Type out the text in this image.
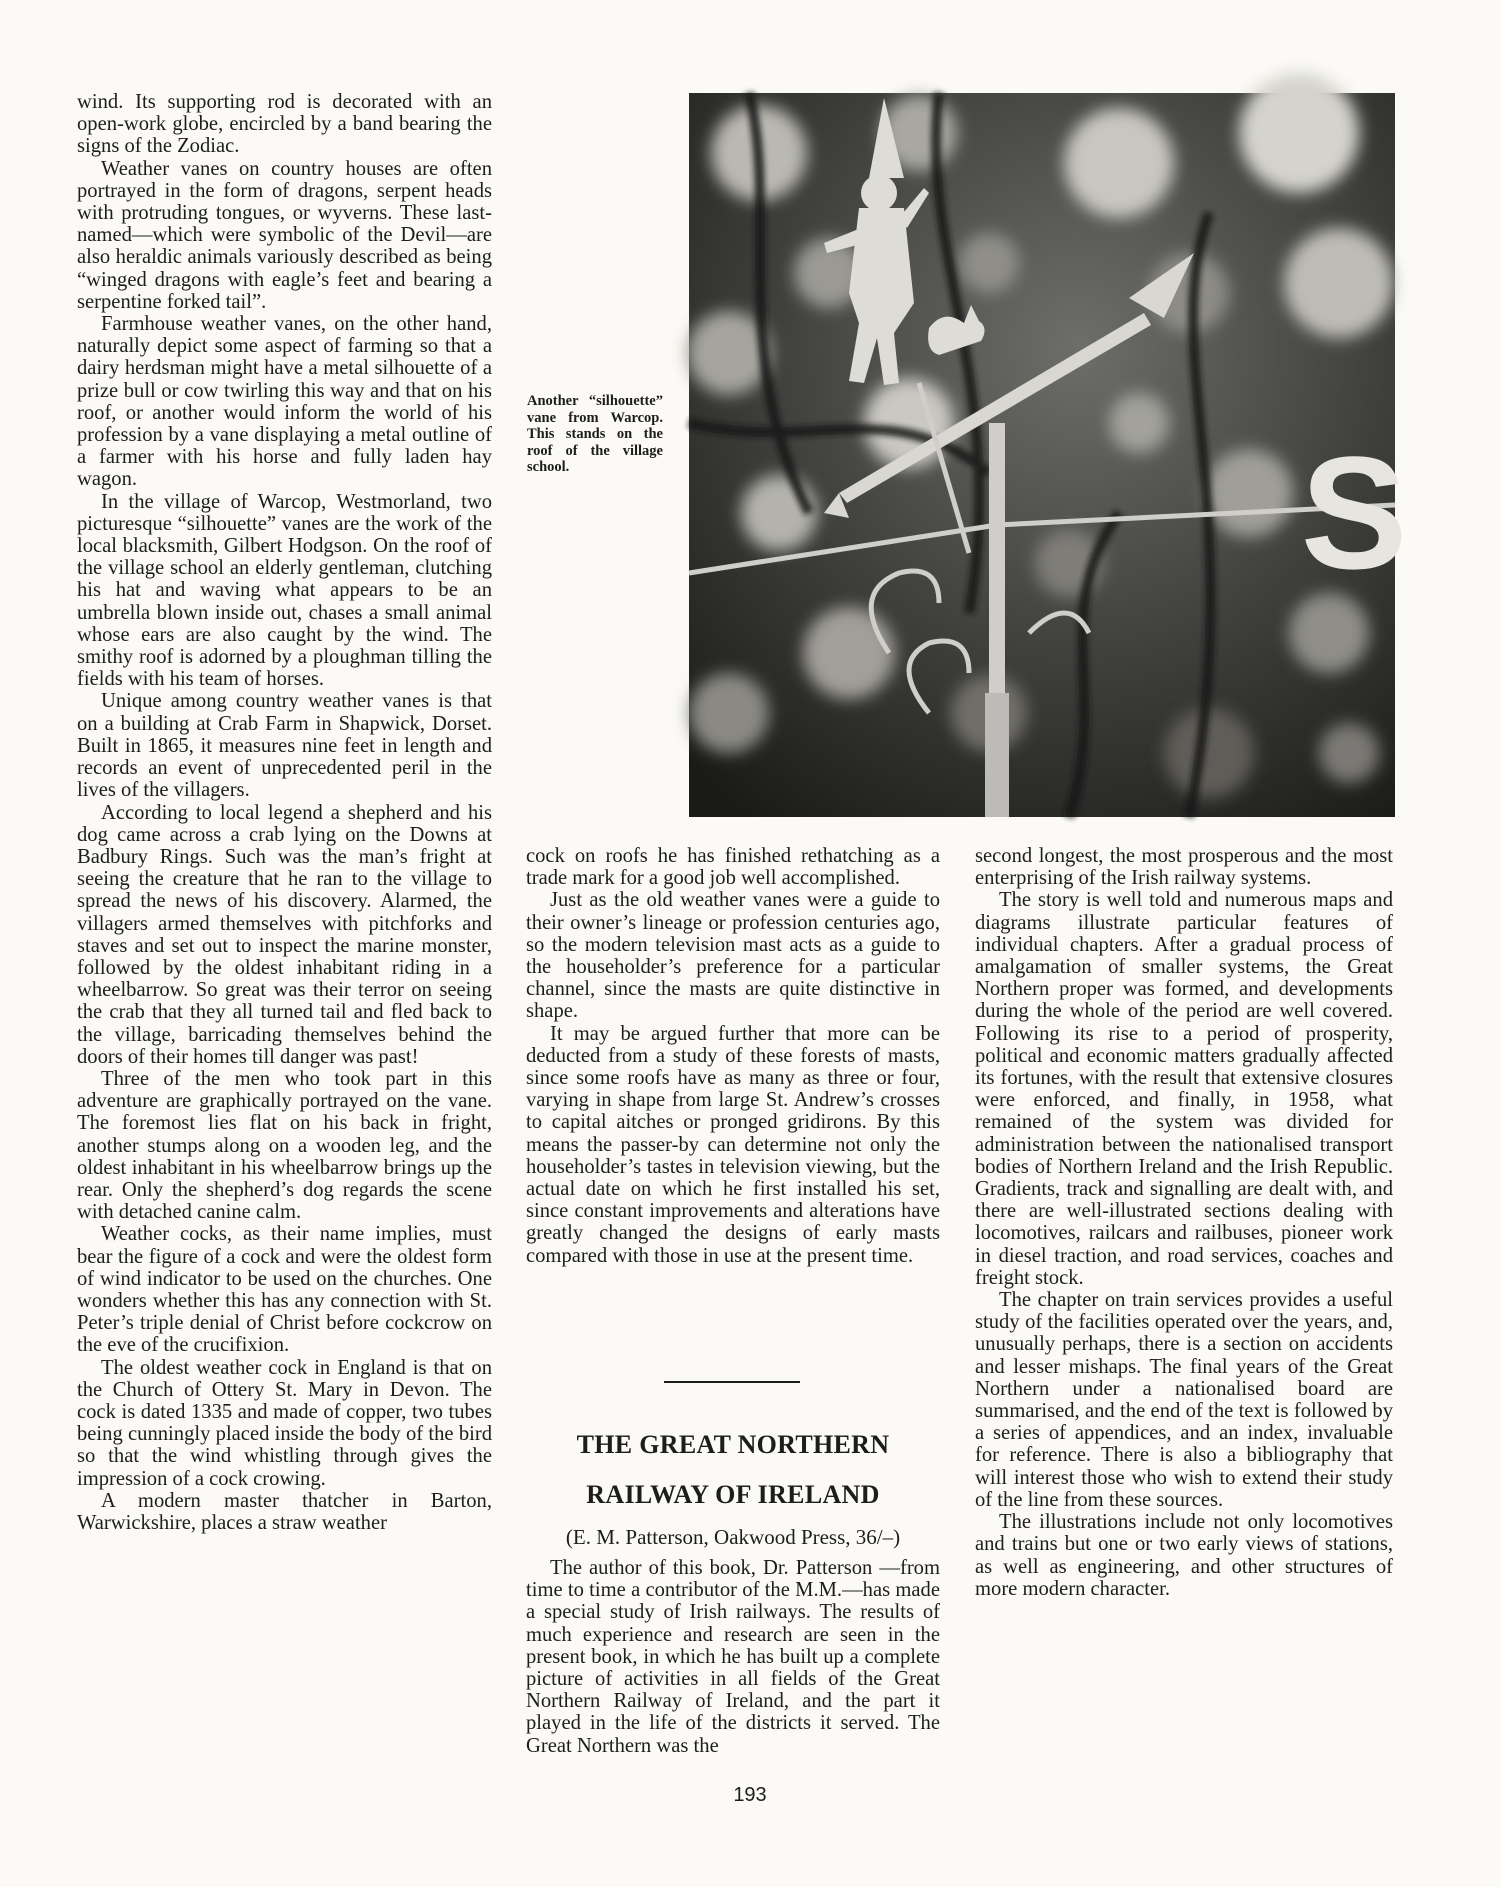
wind. Its supporting rod is decorated with an open-work globe, encircled by a band bearing the signs of the Zodiac.

Weather vanes on country houses are often portrayed in the form of dragons, serpent heads with protruding tongues, or wyverns. These last-named—which were symbolic of the Devil—are also heraldic animals variously described as being “winged dragons with eagle’s feet and bearing a serpentine forked tail”.

Farmhouse weather vanes, on the other hand, naturally depict some aspect of farming so that a dairy herdsman might have a metal silhouette of a prize bull or cow twirling this way and that on his roof, or another would inform the world of his profession by a vane displaying a metal outline of a farmer with his horse and fully laden hay wagon.

In the village of Warcop, Westmorland, two picturesque “silhouette” vanes are the work of the local blacksmith, Gilbert Hodgson. On the roof of the village school an elderly gentleman, clutching his hat and waving what appears to be an umbrella blown inside out, chases a small animal whose ears are also caught by the wind. The smithy roof is adorned by a ploughman tilling the fields with his team of horses.

Unique among country weather vanes is that on a building at Crab Farm in Shapwick, Dorset. Built in 1865, it measures nine feet in length and records an event of unprecedented peril in the lives of the villagers.

According to local legend a shepherd and his dog came across a crab lying on the Downs at Badbury Rings. Such was the man’s fright at seeing the creature that he ran to the village to spread the news of his discovery. Alarmed, the villagers armed themselves with pitchforks and staves and set out to inspect the marine monster, followed by the oldest inhabitant riding in a wheelbarrow. So great was their terror on seeing the crab that they all turned tail and fled back to the village, barricading themselves behind the doors of their homes till danger was past!

Three of the men who took part in this adventure are graphically portrayed on the vane. The foremost lies flat on his back in fright, another stumps along on a wooden leg, and the oldest inhabitant in his wheelbarrow brings up the rear. Only the shepherd’s dog regards the scene with detached canine calm.

Weather cocks, as their name implies, must bear the figure of a cock and were the oldest form of wind indicator to be used on the churches. One wonders whether this has any connection with St. Peter’s triple denial of Christ before cockcrow on the eve of the crucifixion.

The oldest weather cock in England is that on the Church of Ottery St. Mary in Devon. The cock is dated 1335 and made of copper, two tubes being cunningly placed inside the body of the bird so that the wind whistling through gives the impression of a cock crowing.

A modern master thatcher in Barton, Warwickshire, places a straw weather

Another “silhouette” vane from Warcop. This stands on the roof of the village school.	S

cock on roofs he has finished rethatching as a trade mark for a good job well accomplished.

Just as the old weather vanes were a guide to their owner’s lineage or profession centuries ago, so the modern television mast acts as a guide to the householder’s preference for a particular channel, since the masts are quite distinctive in shape.

It may be argued further that more can be deducted from a study of these forests of masts, since some roofs have as many as three or four, varying in shape from large St. Andrew’s crosses to capital aitches or pronged gridirons. By this means the passer-by can determine not only the householder’s tastes in television viewing, but the actual date on which he first installed his set, since constant improvements and alterations have greatly changed the designs of early masts compared with those in use at the present time.

THE GREAT NORTHERN
RAILWAY OF IRELAND
(E. M. Patterson, Oakwood Press, 36/–)

The author of this book, Dr. Patterson —from time to time a contributor of the M.M.—has made a special study of Irish railways. The results of much experience and research are seen in the present book, in which he has built up a complete picture of activities in all fields of the Great Northern Railway of Ireland, and the part it played in the life of the districts it served. The Great Northern was the

second longest, the most prosperous and the most enterprising of the Irish railway systems.

The story is well told and numerous maps and diagrams illustrate particular features of individual chapters. After a gradual process of amalgamation of smaller systems, the Great Northern proper was formed, and developments during the whole of the period are well covered. Following its rise to a period of prosperity, political and economic matters gradually affected its fortunes, with the result that extensive closures were enforced, and finally, in 1958, what remained of the system was divided for administration between the nationalised transport bodies of Northern Ireland and the Irish Republic. Gradients, track and signalling are dealt with, and there are well-illustrated sections dealing with locomotives, railcars and railbuses, pioneer work in diesel traction, and road services, coaches and freight stock.

The chapter on train services provides a useful study of the facilities operated over the years, and, unusually perhaps, there is a section on accidents and lesser mishaps. The final years of the Great Northern under a nationalised board are summarised, and the end of the text is followed by a series of appendices, and an index, invaluable for reference. There is also a bibliography that will interest those who wish to extend their study of the line from these sources.

The illustrations include not only locomotives and trains but one or two early views of stations, as well as engineering, and other structures of more modern character.

193
